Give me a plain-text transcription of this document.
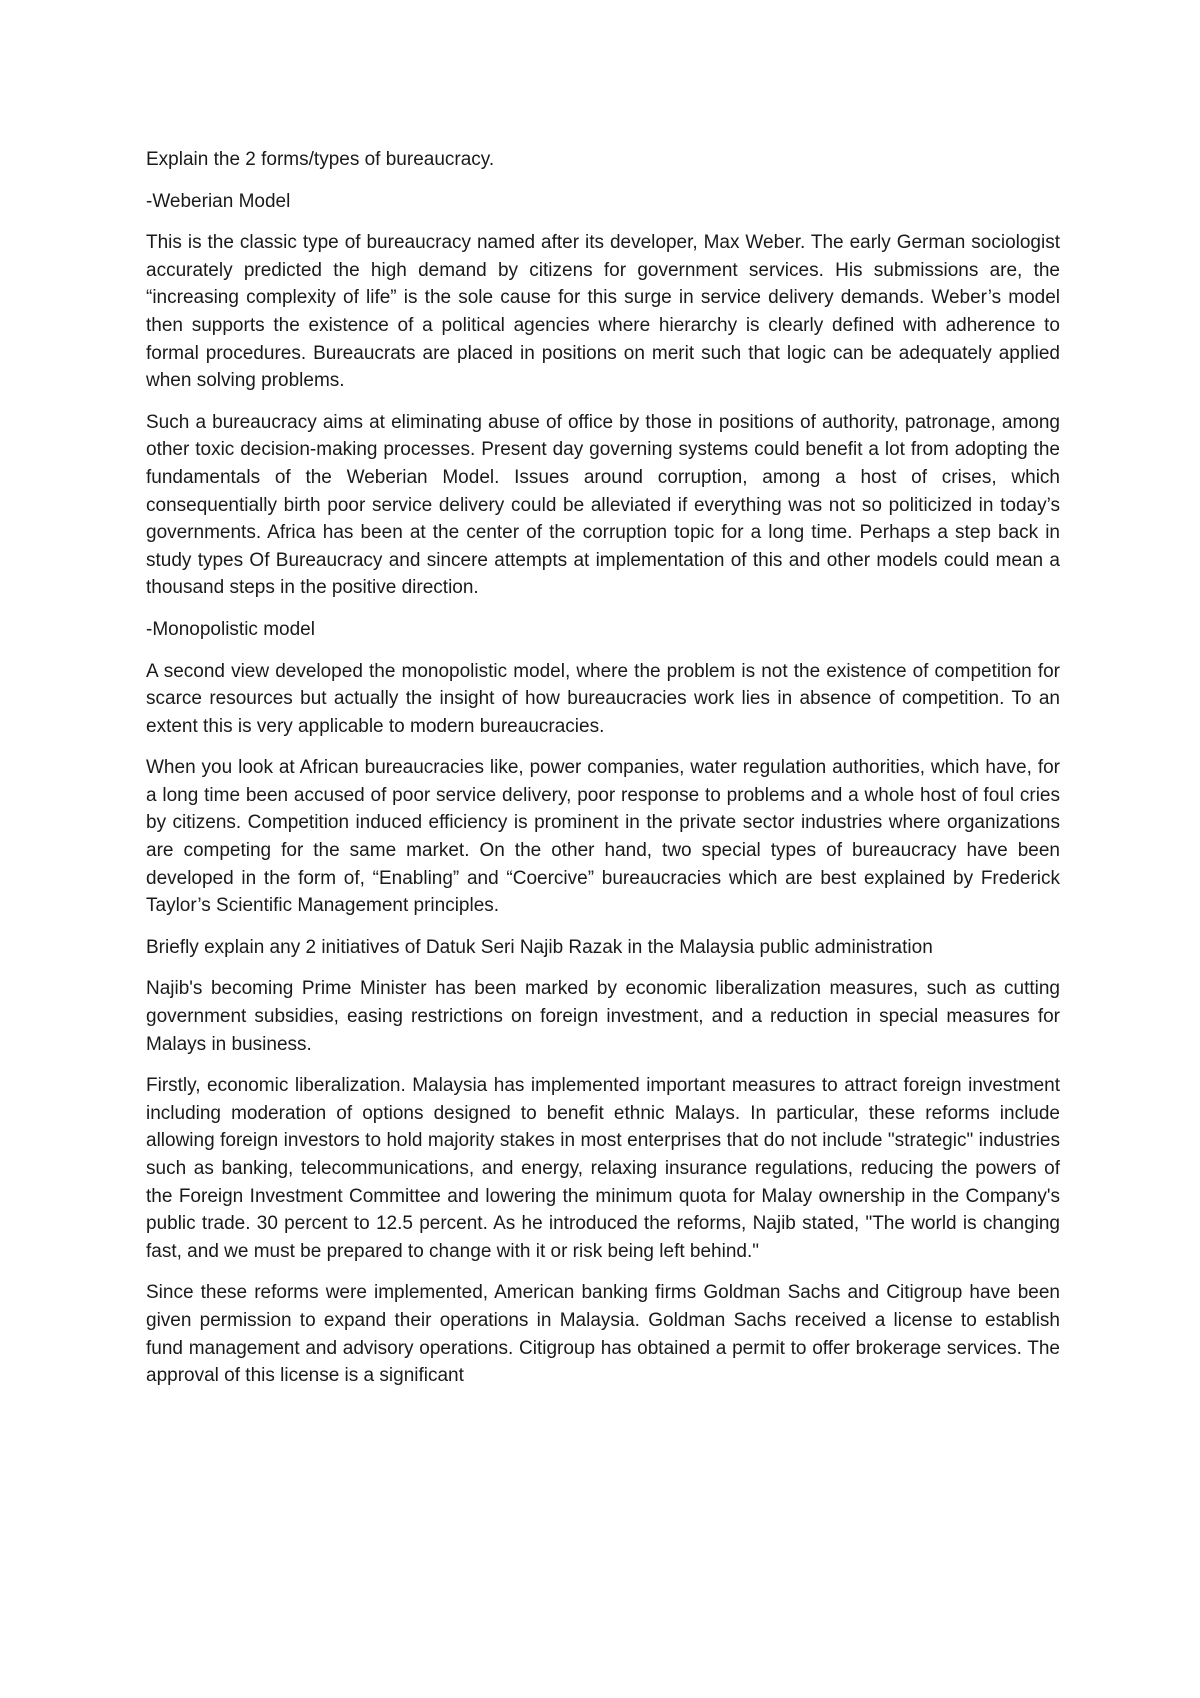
Explain the 2 forms/types of bureaucracy.

-Weberian Model

This is the classic type of bureaucracy named after its developer, Max Weber. The early German sociologist accurately predicted the high demand by citizens for government services. His submissions are, the “increasing complexity of life” is the sole cause for this surge in service delivery demands. Weber’s model then supports the existence of a political agencies where hierarchy is clearly defined with adherence to formal procedures. Bureaucrats are placed in positions on merit such that logic can be adequately applied when solving problems.

Such a bureaucracy aims at eliminating abuse of office by those in positions of authority, patronage, among other toxic decision-making processes. Present day governing systems could benefit a lot from adopting the fundamentals of the Weberian Model. Issues around corruption, among a host of crises, which consequentially birth poor service delivery could be alleviated if everything was not so politicized in today’s governments. Africa has been at the center of the corruption topic for a long time. Perhaps a step back in study types Of Bureaucracy and sincere attempts at implementation of this and other models could mean a thousand steps in the positive direction.

-Monopolistic model

A second view developed the monopolistic model, where the problem is not the existence of competition for scarce resources but actually the insight of how bureaucracies work lies in absence of competition. To an extent this is very applicable to modern bureaucracies.

When you look at African bureaucracies like, power companies, water regulation authorities, which have, for a long time been accused of poor service delivery, poor response to problems and a whole host of foul cries by citizens. Competition induced efficiency is prominent in the private sector industries where organizations are competing for the same market. On the other hand, two special types of bureaucracy have been developed in the form of, “Enabling” and “Coercive” bureaucracies which are best explained by Frederick Taylor’s Scientific Management principles.

Briefly explain any 2 initiatives of Datuk Seri Najib Razak in the Malaysia public administration

Najib's becoming Prime Minister has been marked by economic liberalization measures, such as cutting government subsidies, easing restrictions on foreign investment, and a reduction in special measures for Malays in business.

Firstly, economic liberalization. Malaysia has implemented important measures to attract foreign investment including moderation of options designed to benefit ethnic Malays. In particular, these reforms include allowing foreign investors to hold majority stakes in most enterprises that do not include "strategic" industries such as banking, telecommunications, and energy, relaxing insurance regulations, reducing the powers of the Foreign Investment Committee and lowering the minimum quota for Malay ownership in the Company's public trade. 30 percent to 12.5 percent. As he introduced the reforms, Najib stated, "The world is changing fast, and we must be prepared to change with it or risk being left behind."

Since these reforms were implemented, American banking firms Goldman Sachs and Citigroup have been given permission to expand their operations in Malaysia. Goldman Sachs received a license to establish fund management and advisory operations. Citigroup has obtained a permit to offer brokerage services. The approval of this license is a significant
